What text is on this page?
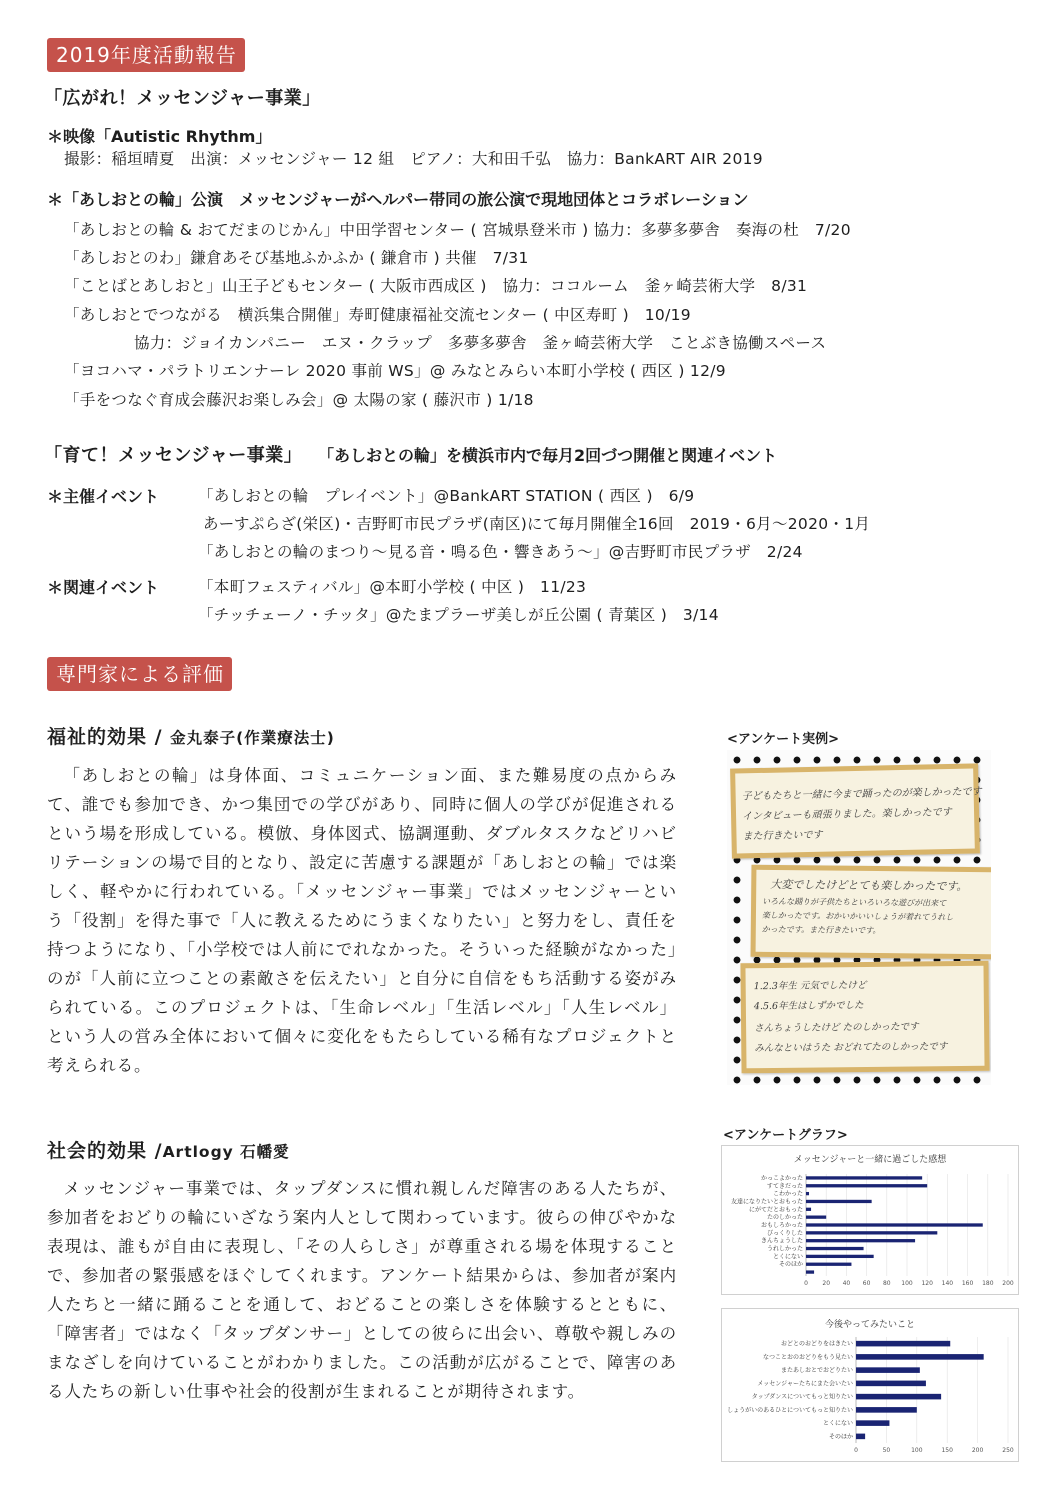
2019年度活動報告
「広がれ！メッセンジャー事業」
＊映像「Autistic Rhythm」
撮影：稲垣晴夏　出演：メッセンジャー 12 組　ピアノ：大和田千弘　協力：BankART AIR 2019
＊「あしおとの輪」公演　メッセンジャーがヘルパー帯同の旅公演で現地団体とコラボレーション
「あしおとの輪 & おてだまのじかん」中田学習センター ( 宮城県登米市 ) 協力：多夢多夢舎　奏海の杜　7/20
「あしおとのわ」鎌倉あそび基地ふかふか ( 鎌倉市 ) 共催　7/31
「ことばとあしおと」山王子どもセンター ( 大阪市西成区 )　協力：ココルーム　釜ヶ崎芸術大学　8/31
「あしおとでつながる　横浜集合開催」寿町健康福祉交流センター ( 中区寿町 )　10/19
協力：ジョイカンパニー　エヌ・クラップ　多夢多夢舎　釜ヶ崎芸術大学　ことぶき協働スペース
「ヨコハマ・パラトリエンナーレ 2020 事前 WS」@ みなとみらい本町小学校 ( 西区 ) 12/9
「手をつなぐ育成会藤沢お楽しみ会」@ 太陽の家 ( 藤沢市 ) 1/18
「育て！メッセンジャー事業」 「あしおとの輪」を横浜市内で毎月2回づつ開催と関連イベント
＊主催イベント	「あしおとの輪　プレイベント」@BankART STATION ( 西区 )　6/9
あーすぷらざ(栄区)・吉野町市民プラザ(南区)にて毎月開催全16回　2019・6月〜2020・1月
「あしおとの輪のまつり〜見る音・鳴る色・響きあう〜」@吉野町市民プラザ　2/24
＊関連イベント	「本町フェスティバル」@本町小学校 ( 中区 )　11/23
「チッチェーノ・チッタ」@たまプラーザ美しが丘公園 ( 青葉区 )　3/14
専門家による評価
福祉的効果 / 金丸泰子(作業療法士)
「あしおとの輪」は身体面、コミュニケーション面、また難易度の点からみて、誰でも参加でき、かつ集団での学びがあり、同時に個人の学びが促進されるという場を形成している。模倣、身体図式、協調運動、ダブルタスクなどリハビリテーションの場で目的となり、設定に苦慮する課題が「あしおとの輪」では楽しく、軽やかに行われている。「メッセンジャー事業」ではメッセンジャーという「役割」を得た事で「人に教えるためにうまくなりたい」と努力をし、責任を持つようになり、「小学校では人前にでれなかった。そういった経験がなかった」のが「人前に立つことの素敵さを伝えたい」と自分に自信をもち活動する姿がみられている。このプロジェクトは、「生命レベル」「生活レベル」「人生レベル」という人の営み全体において個々に変化をもたらしている稀有なプロジェクトと考えられる。
社会的効果 /Artlogy 石幡愛
メッセンジャー事業では、タップダンスに慣れ親しんだ障害のある人たちが、参加者をおどりの輪にいざなう案内人として関わっています。彼らの伸びやかな表現は、誰もが自由に表現し、「その人らしさ」が尊重される場を体現することで、参加者の緊張感をほぐしてくれます。アンケート結果からは、参加者が案内人たちと一緒に踊ることを通して、おどることの楽しさを体験するとともに、「障害者」ではなく「タップダンサー」としての彼らに出会い、尊敬や親しみのまなざしを向けていることがわかりました。この活動が広がることで、障害のある人たちの新しい仕事や社会的役割が生まれることが期待されます。
<アンケート実例>
子どもたちと一緒に今まで踊ったのが楽しかったです
インタビューも頑張りました。楽しかったです
また行きたいです
大変でしたけどとても楽しかったです。
いろんな踊りが子供たちといろいろな遊びが出来て
楽しかったです。おかいかいいしょうが着れてうれし
かったです。また行きたいです。
1.2.3年生 元気でしたけど
4.5.6年生はしずかでした
さんちょうしたけど たのしかったです
みんなといはうた おどれてたのしかったです
<アンケートグラフ>
メッセンジャーと一緒に過ごした感想
0 20 40 60 80 100 120 140 160 180 200
かっこよかった
すてきだった
こわかった
友達になりたいとおもった
にがてだとおもった
たのしかった
おもしろかった
びっくりした
きんちょうした
うれしかった
とくにない
そのほか
今後やってみたいこと
0	50	100	150	200	250
おどとのおどりをはきたい
なつことおのおどりをもう見たい
またあしおとでおどりたい
メッセンジャーたちにまた会いたい
タップダンスについてもっと知りたい
しょうがいのあるひとについてもっと知りたい
とくにない
そのほか
